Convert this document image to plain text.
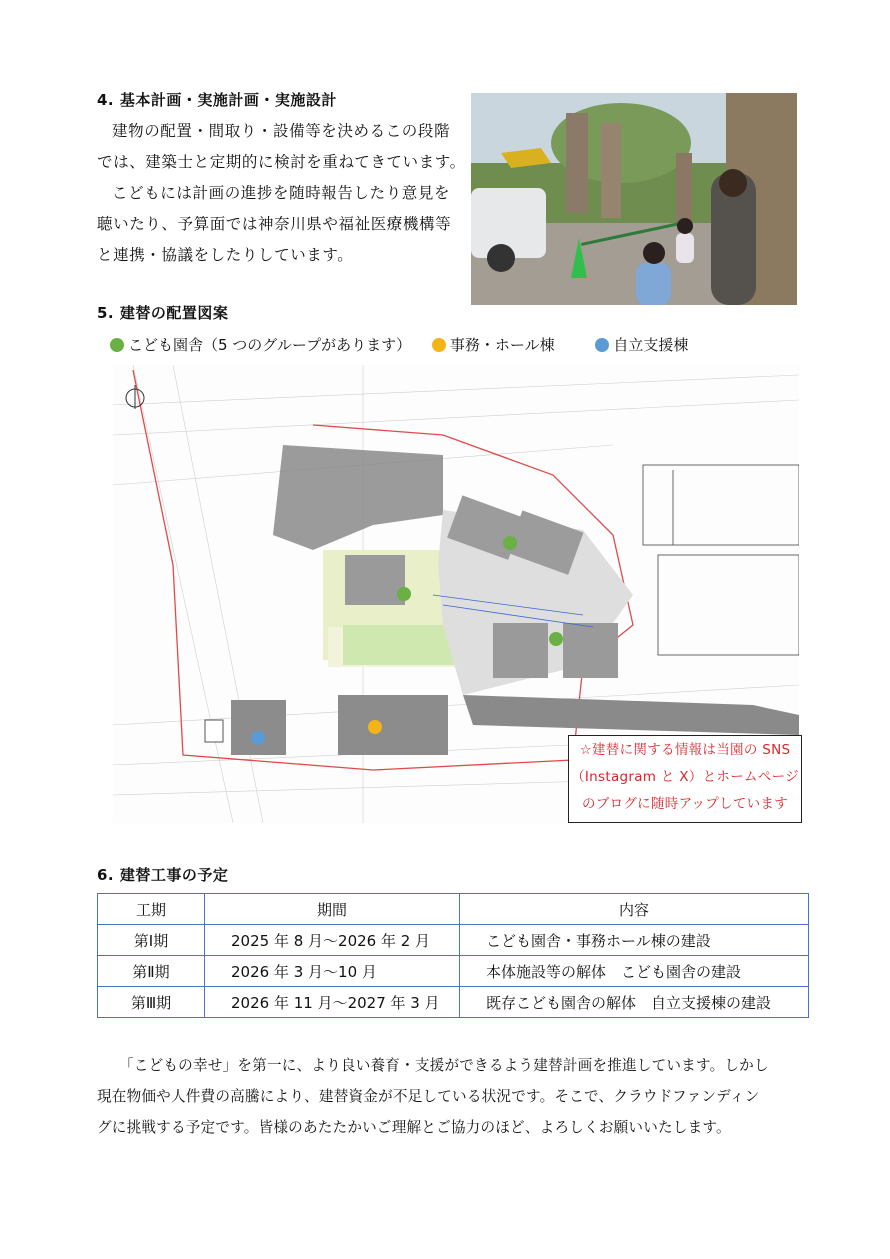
4. 基本計画・実施計画・実施設計
建物の配置・間取り・設備等を決めるこの段階
では、建築士と定期的に検討を重ねてきています。
こどもには計画の進捗を随時報告したり意見を
聴いたり、予算面では神奈川県や福祉医療機構等
と連携・協議をしたりしています。
5. 建替の配置図案
こども園舎（5 つのグループがあります）	事務・ホール棟	自立支援棟
☆建替に関する情報は当園の SNS
（Instagram と X）とホームページ
のブログに随時アップしています
6. 建替工事の予定
工期	期間	内容
第Ⅰ期	2025 年 8 月～2026 年 2 月	こども園舎・事務ホール棟の建設
第Ⅱ期	2026 年 3 月～10 月	本体施設等の解体　こども園舎の建設
第Ⅲ期	2026 年 11 月～2027 年 3 月	既存こども園舎の解体　自立支援棟の建設
「こどもの幸せ」を第一に、より良い養育・支援ができるよう建替計画を推進しています。しかし
現在物価や人件費の高騰により、建替資金が不足している状況です。そこで、クラウドファンディン
グに挑戦する予定です。皆様のあたたかいご理解とご協力のほど、よろしくお願いいたします。
